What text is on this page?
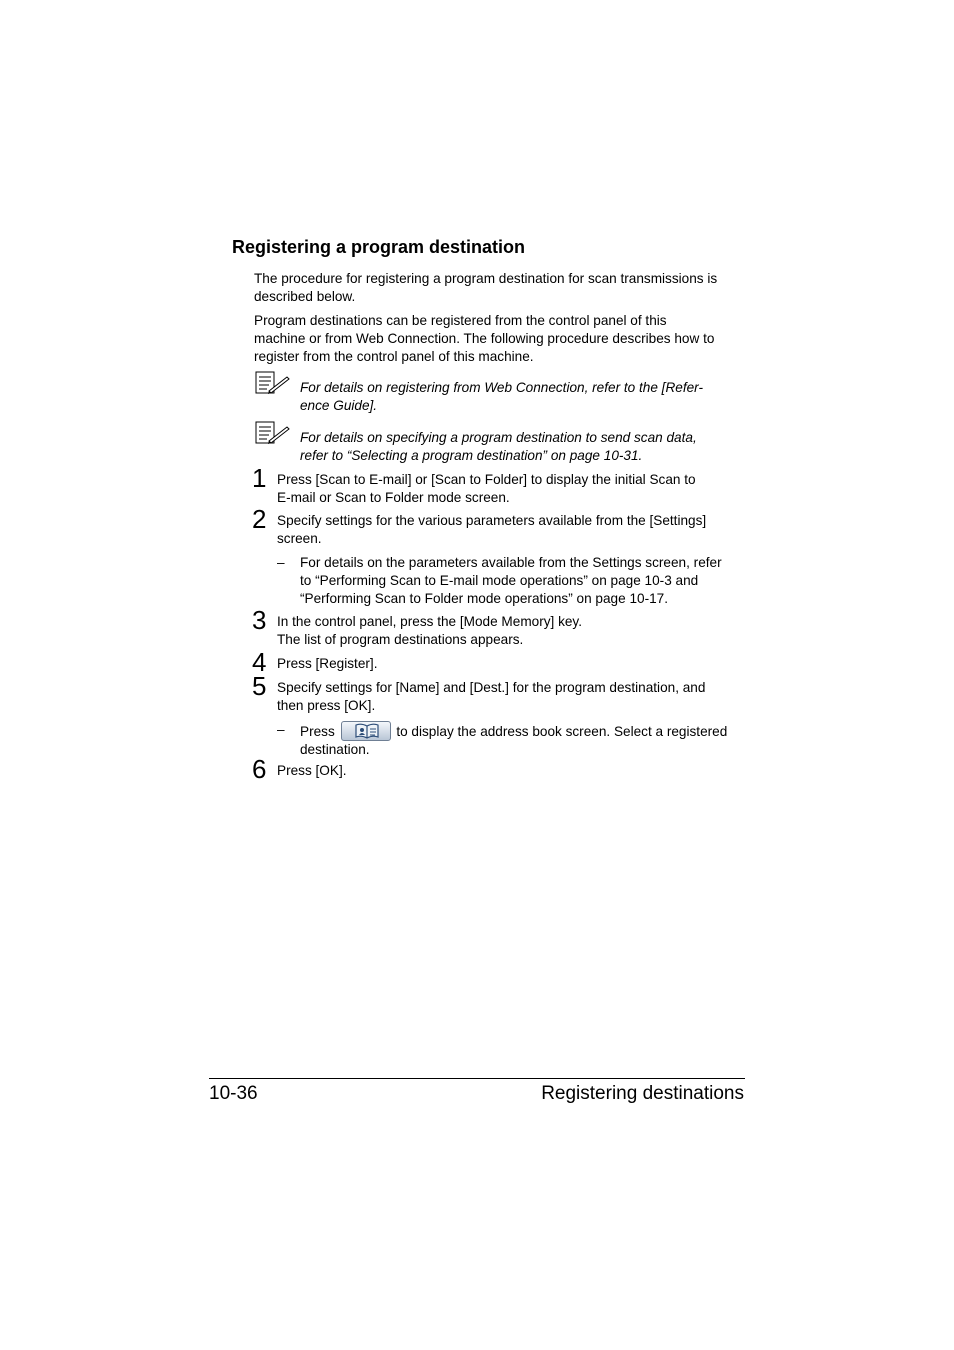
Registering a program destination
The procedure for registering a program destination for scan transmissions is
described below.
Program destinations can be registered from the control panel of this
machine or from Web Connection. The following procedure describes how to
register from the control panel of this machine.
For details on registering from Web Connection, refer to the [Refer-
ence Guide].
For details on specifying a program destination to send scan data,
refer to “Selecting a program destination” on page 10-31.
1 Press [Scan to E-mail] or [Scan to Folder] to display the initial Scan to
E-mail or Scan to Folder mode screen.
2 Specify settings for the various parameters available from the [Settings]
screen.
– For details on the parameters available from the Settings screen, refer
to “Performing Scan to E-mail mode operations” on page 10-3 and
“Performing Scan to Folder mode operations” on page 10-17.
3 In the control panel, press the [Mode Memory] key.
The list of program destinations appears.
4 Press [Register].
5 Specify settings for [Name] and [Dest.] for the program destination, and
then press [OK].
– Press	to display the address book screen. Select a registered
destination.
6 Press [OK].
10-36	Registering destinations
